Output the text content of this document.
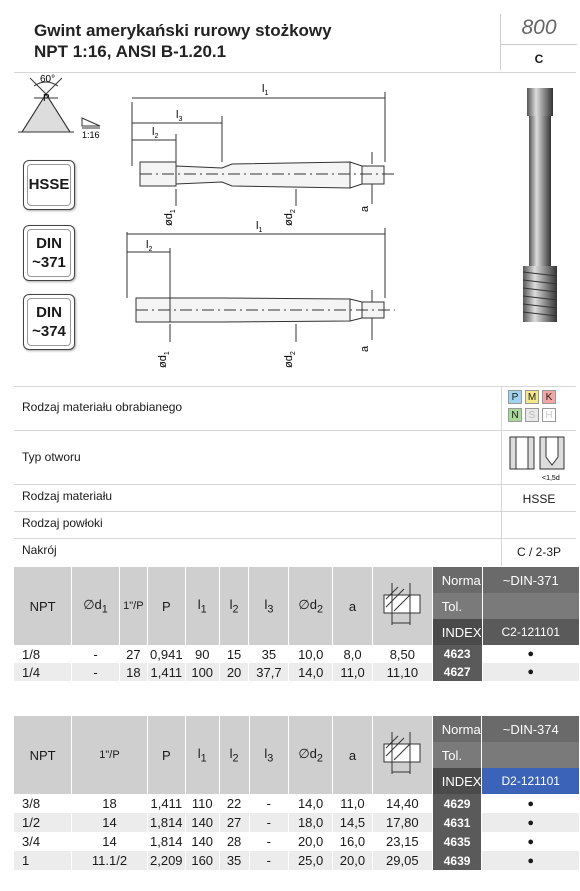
Gwint amerykański rurowy stożkowy
NPT 1:16, ANSI B-1.20.1
800
C
60°
P
1:16
$l_1$
$l_3$
$l_2$
$ød_1$
$ød_2$	a
$l_1$
$l_2$
$ød_1$
$ød_2$
a
HSSE
DIN
~371
DIN
~374
Rodzaj materiału obrabianego
P M K
N	S	H
Typ otworu
<1,5d
Rodzaj materiału	HSSE
Rodzaj powłoki
Nakrój	C / 2-3P
NPT	$\emptyset d_1$	1"/P	P	$l_1$	$l_2$	$l_3$	$\emptyset d_2$	a		Norma	~DIN-371
										Tol.	
										INDEX	C2-121101
1/8	-	27	0,941	90	15	35	10,0	8,0	8,50	4623	●
1/4	-	18	1,411	100	20	37,7	14,0	11,0	11,10	4627	●
NPT	1"/P	P	$l_1$	$l_2$	$l_3$	$\emptyset d_2$	a		Norma	~DIN-374
									Tol.	
									INDEX	D2-121101
3/8	18	1,411	110	22	-	14,0	11,0	14,40	4629	●
1/2	14	1,814	140	27	-	18,0	14,5	17,80	4631	●
3/4	14	1,814	140	28	-	20,0	16,0	23,15	4635	●
1	11.1/2	2,209	160	35	-	25,0	20,0	29,05	4639	●
